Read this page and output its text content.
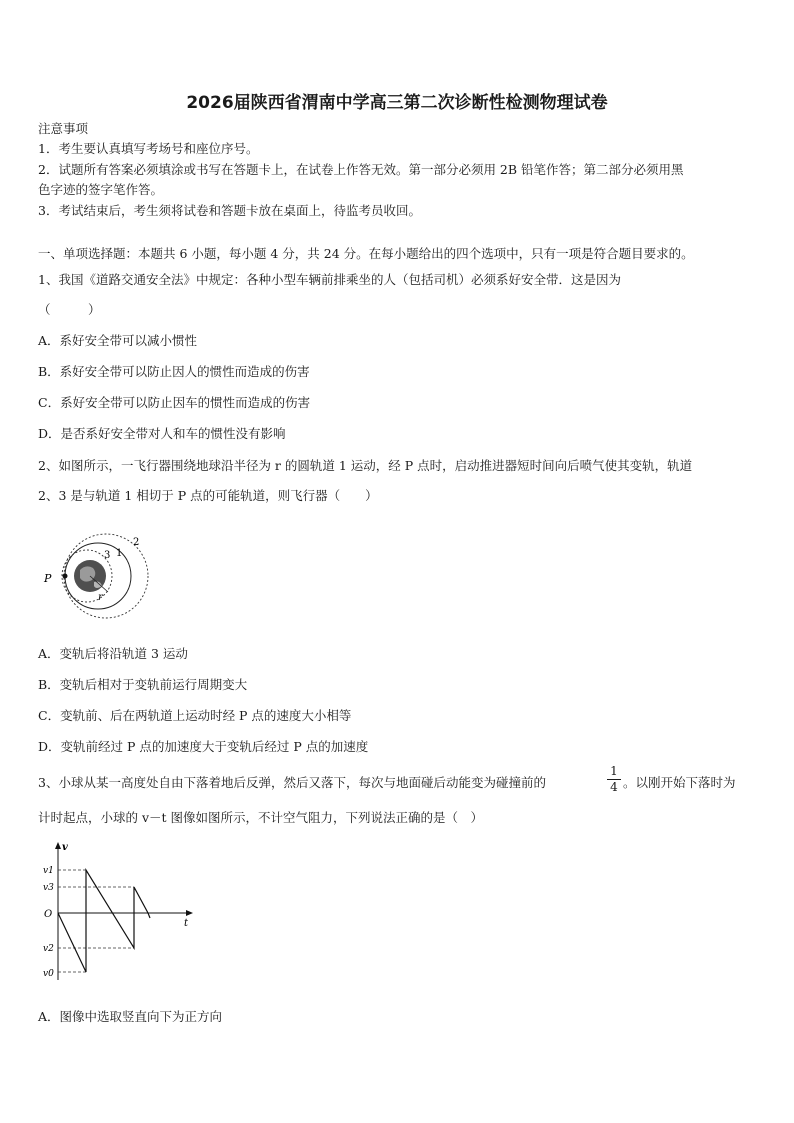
2026届陕西省渭南中学高三第二次诊断性检测物理试卷
注意事项
1．考生要认真填写考场号和座位序号。
2．试题所有答案必须填涂或书写在答题卡上，在试卷上作答无效。第一部分必须用 2B 铅笔作答；第二部分必须用黑
色字迹的签字笔作答。
3．考试结束后，考生须将试卷和答题卡放在桌面上，待监考员收回。
一、单项选择题：本题共 6 小题，每小题 4 分，共 24 分。在每小题给出的四个选项中，只有一项是符合题目要求的。
1、我国《道路交通安全法》中规定：各种小型车辆前排乘坐的人（包括司机）必须系好安全带．这是因为
（　　　）
A．系好安全带可以减小惯性
B．系好安全带可以防止因人的惯性而造成的伤害
C．系好安全带可以防止因车的惯性而造成的伤害
D．是否系好安全带对人和车的惯性没有影响
2、如图所示，一飞行器围绕地球沿半径为 r 的圆轨道 1 运动，经 P 点时，启动推进器短时间向后喷气使其变轨，轨道
2、3 是与轨道 1 相切于 P 点的可能轨道，则飞行器（　　）
P
3 1
2
r
A．变轨后将沿轨道 3 运动
B．变轨后相对于变轨前运行周期变大
C．变轨前、后在两轨道上运动时经 P 点的速度大小相等
D．变轨前经过 P 点的加速度大于变轨后经过 P 点的加速度
3、小球从某一高度处自由下落着地后反弹，然后又落下，每次与地面碰后动能变为碰撞前的
1
4 。以刚开始下落时为
计时起点，小球的 v－t 图像如图所示，不计空气阻力，下列说法正确的是（　）
v
v1
v3
O
v2
v0
t
A．图像中选取竖直向下为正方向
